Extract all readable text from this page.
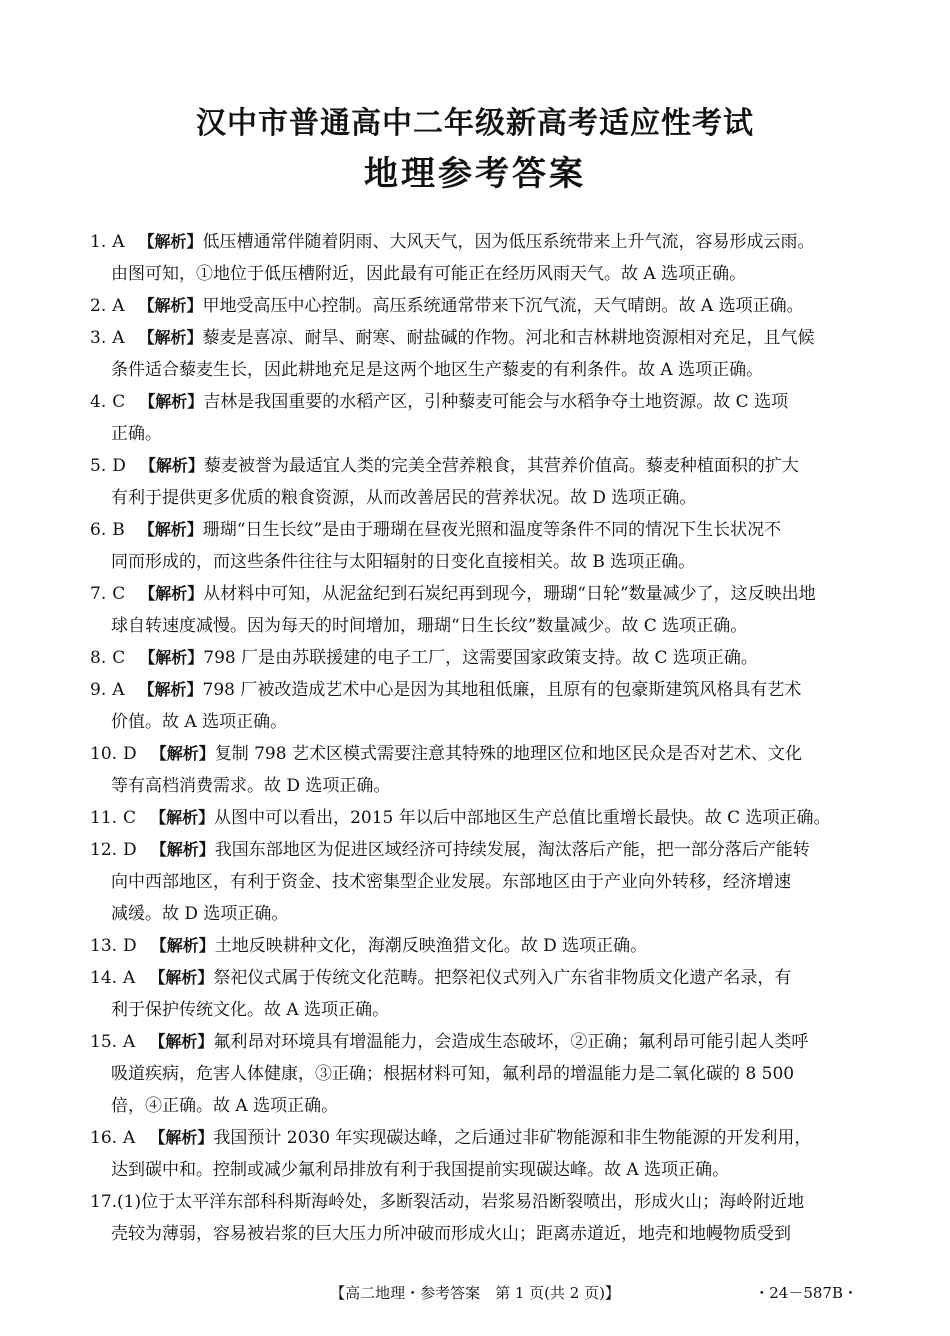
汉中市普通高中二年级新高考适应性考试
地理参考答案
1. A 【解析】低压槽通常伴随着阴雨、大风天气，因为低压系统带来上升气流，容易形成云雨。
由图可知，①地位于低压槽附近，因此最有可能正在经历风雨天气。故 A 选项正确。
2. A 【解析】甲地受高压中心控制。高压系统通常带来下沉气流，天气晴朗。故 A 选项正确。
3. A 【解析】藜麦是喜凉、耐旱、耐寒、耐盐碱的作物。河北和吉林耕地资源相对充足，且气候
条件适合藜麦生长，因此耕地充足是这两个地区生产藜麦的有利条件。故 A 选项正确。
4. C 【解析】吉林是我国重要的水稻产区，引种藜麦可能会与水稻争夺土地资源。故 C 选项
正确。
5. D 【解析】藜麦被誉为最适宜人类的完美全营养粮食，其营养价值高。藜麦种植面积的扩大
有利于提供更多优质的粮食资源，从而改善居民的营养状况。故 D 选项正确。
6. B 【解析】珊瑚“日生长纹”是由于珊瑚在昼夜光照和温度等条件不同的情况下生长状况不
同而形成的，而这些条件往往与太阳辐射的日变化直接相关。故 B 选项正确。
7. C 【解析】从材料中可知，从泥盆纪到石炭纪再到现今，珊瑚“日轮”数量减少了，这反映出地
球自转速度减慢。因为每天的时间增加，珊瑚“日生长纹”数量减少。故 C 选项正确。
8. C 【解析】798 厂是由苏联援建的电子工厂，这需要国家政策支持。故 C 选项正确。
9. A 【解析】798 厂被改造成艺术中心是因为其地租低廉，且原有的包豪斯建筑风格具有艺术
价值。故 A 选项正确。
10. D 【解析】复制 798 艺术区模式需要注意其特殊的地理区位和地区民众是否对艺术、文化
等有高档消费需求。故 D 选项正确。
11. C 【解析】从图中可以看出，2015 年以后中部地区生产总值比重增长最快。故 C 选项正确。
12. D 【解析】我国东部地区为促进区域经济可持续发展，淘汰落后产能，把一部分落后产能转
向中西部地区，有利于资金、技术密集型企业发展。东部地区由于产业向外转移，经济增速
减缓。故 D 选项正确。
13. D 【解析】土地反映耕种文化，海潮反映渔猎文化。故 D 选项正确。
14. A 【解析】祭祀仪式属于传统文化范畴。把祭祀仪式列入广东省非物质文化遗产名录，有
利于保护传统文化。故 A 选项正确。
15. A 【解析】氟利昂对环境具有增温能力，会造成生态破坏，②正确；氟利昂可能引起人类呼
吸道疾病，危害人体健康，③正确；根据材料可知，氟利昂的增温能力是二氧化碳的 8 500
倍，④正确。故 A 选项正确。
16. A 【解析】我国预计 2030 年实现碳达峰，之后通过非矿物能源和非生物能源的开发利用，
达到碳中和。控制或减少氟利昂排放有利于我国提前实现碳达峰。故 A 选项正确。
17.(1)位于太平洋东部科科斯海岭处，多断裂活动，岩浆易沿断裂喷出，形成火山；海岭附近地
壳较为薄弱，容易被岩浆的巨大压力所冲破而形成火山；距离赤道近，地壳和地幔物质受到
【高二地理・参考答案　第 1 页(共 2 页)】	・24－587B・
